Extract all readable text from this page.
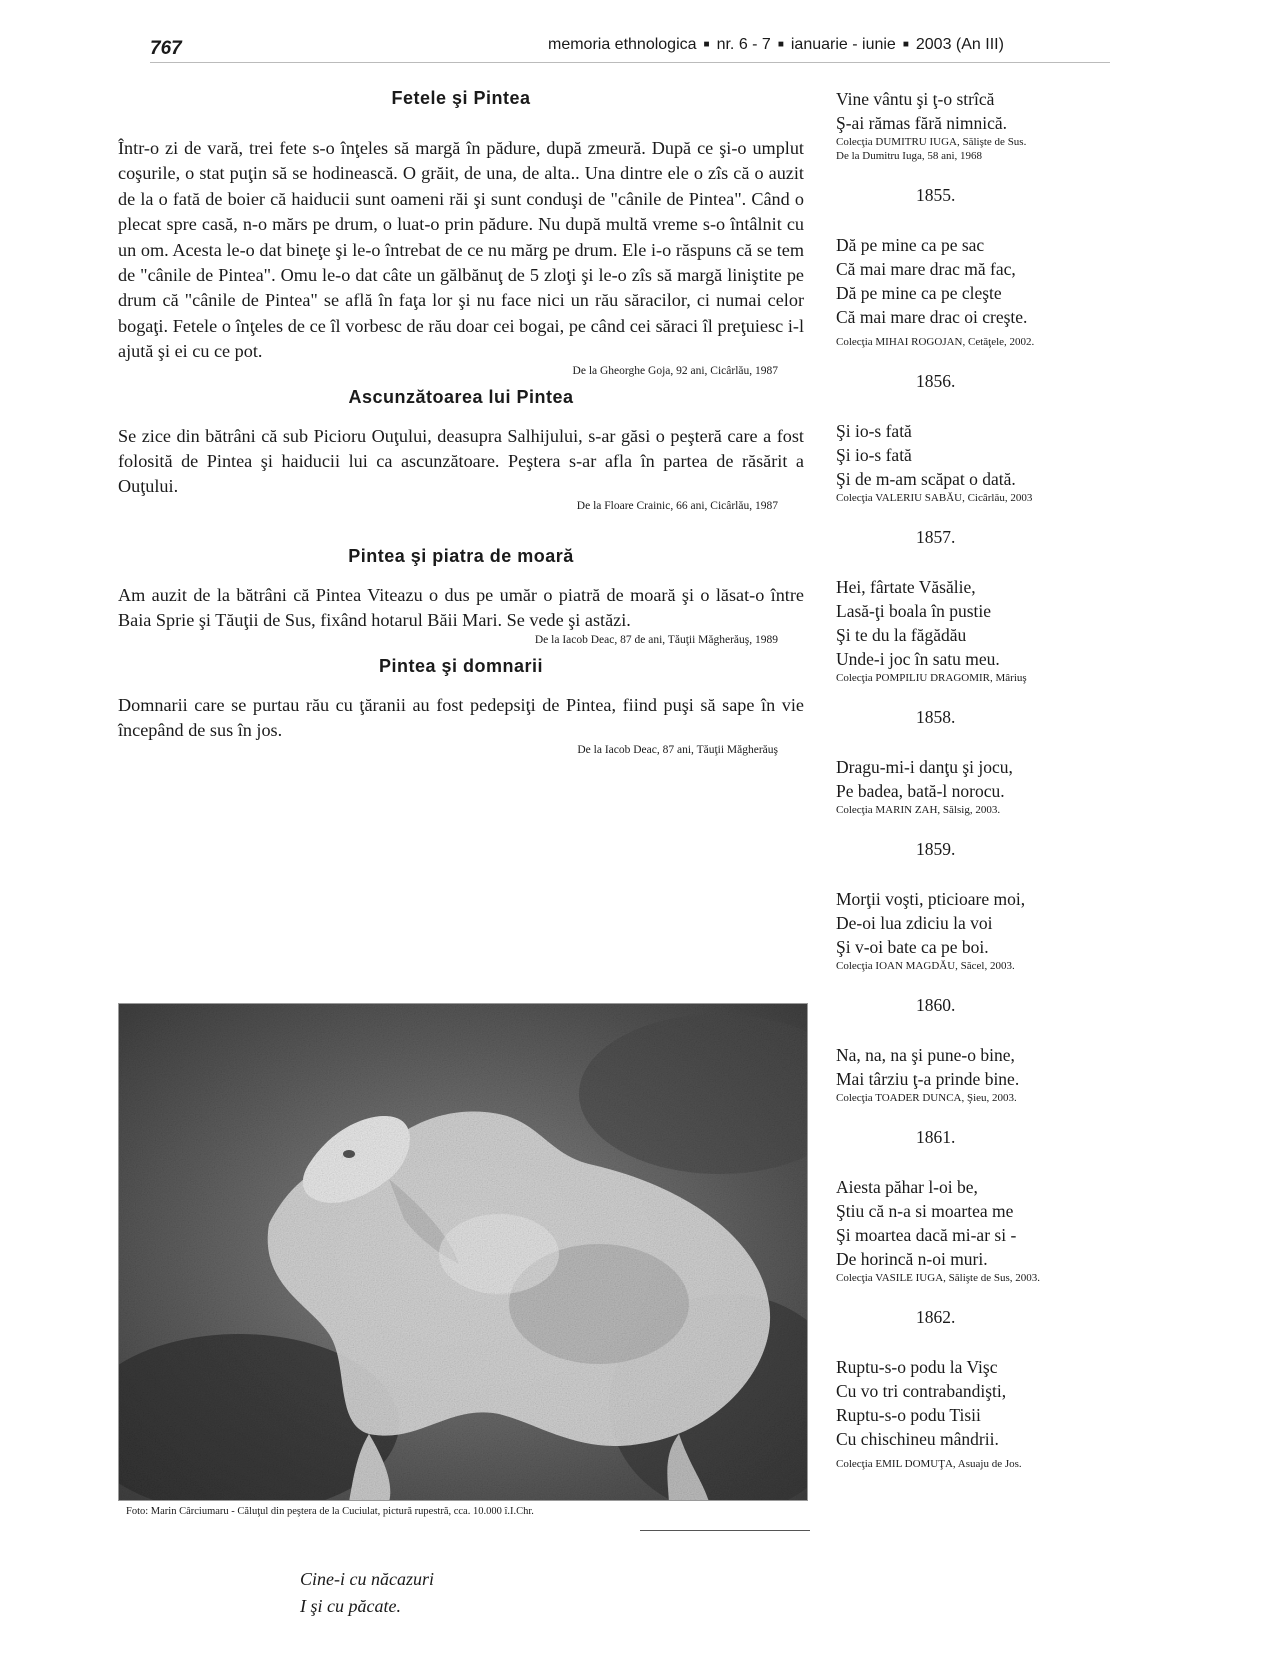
767	memoria ethnologica ■ nr. 6 - 7 ■ ianuarie - iunie ■ 2003 (An III)
Fetele şi Pintea

Într-o zi de vară, trei fete s-o înţeles să margă în pădure, după zmeură. După ce şi-o umplut coşurile, o stat puţin să se hodinească. O grăit, de una, de alta.. Una dintre ele o zîs că o auzit de la o fată de boier că haiducii sunt oameni răi şi sunt conduşi de "cânile de Pintea". Când o plecat spre casă, n-o mărs pe drum, o luat-o prin pădure. Nu după multă vreme s-o întâlnit cu un om. Acesta le-o dat bineţe şi le-o întrebat de ce nu mărg pe drum. Ele i-o răspuns că se tem de "cânile de Pintea". Omu le-o dat câte un gălbănuţ de 5 zloţi şi le-o zîs să margă liniştite pe drum că "cânile de Pintea" se află în faţa lor şi nu face nici un rău săracilor, ci numai celor bogaţi. Fetele o înţeles de ce îl vorbesc de rău doar cei bogai, pe când cei săraci îl preţuiesc i-l ajută şi ei cu ce pot.

De la Gheorghe Goja, 92 ani, Cicârlău, 1987

Ascunzătoarea lui Pintea

Se zice din bătrâni că sub Picioru Ouţului, deasupra Salhijului, s-ar găsi o peşteră care a fost folosită de Pintea şi haiducii lui ca ascunzătoare. Peştera s-ar afla în partea de răsărit a Ouţului.

De la Floare Crainic, 66 ani, Cicârlău, 1987

Pintea şi piatra de moară

Am auzit de la bătrâni că Pintea Viteazu o dus pe umăr o piatră de moară şi o lăsat-o între Baia Sprie şi Tăuţii de Sus, fixând hotarul Băii Mari. Se vede şi astăzi.

De la Iacob Deac, 87 de ani, Tăuţii Măgherăuş, 1989

Pintea şi domnarii

Domnarii care se purtau rău cu ţăranii au fost pedepsiţi de Pintea, fiind puşi să sape în vie începând de sus în jos.

De la Iacob Deac, 87 ani, Tăuţii Măgherăuş

Foto: Marin Cârciumaru - Căluţul din peştera de la Cuciulat, pictură rupestră, cca. 10.000 î.I.Chr.
Cine-i cu năcazuri
I şi cu păcate.
Vine vântu şi ţ-o strîcă
Ş-ai rămas fără nimnică.
Colecţia DUMITRU IUGA, Sălişte de Sus.
De la Dumitru Iuga, 58 ani, 1968
1855.
Dă pe mine ca pe sac
Că mai mare drac mă fac,
Dă pe mine ca pe cleşte
Că mai mare drac oi creşte.
Colecţia MIHAI ROGOJAN, Cetăţele, 2002.
1856.
Şi io-s fată
Şi io-s fată
Şi de m-am scăpat o dată.
Colecţia VALERIU SABĂU, Cicârlău, 2003
1857.
Hei, fârtate Văsălie,
Lasă-ţi boala în pustie
Şi te du la făgădău
Unde-i joc în satu meu.
Colecţia POMPILIU DRAGOMIR, Mâriuş
1858.
Dragu-mi-i danţu şi jocu,
Pe badea, bată-l norocu.
Colecţia MARIN ZAH, Sălsig, 2003.
1859.
Morţii voşti, pticioare moi,
De-oi lua zdiciu la voi
Şi v-oi bate ca pe boi.
Colecţia IOAN MAGDĂU, Săcel, 2003.
1860.
Na, na, na şi pune-o bine,
Mai târziu ţ-a prinde bine.
Colecţia TOADER DUNCA, Şieu, 2003.
1861.
Aiesta păhar l-oi be,
Ştiu că n-a si moartea me
Şi moartea dacă mi-ar si -
De horincă n-oi muri.
Colecţia VASILE IUGA, Sălişte de Sus, 2003.
1862.
Ruptu-s-o podu la Vişc
Cu vo tri contrabandişti,
Ruptu-s-o podu Tisii
Cu chischineu mândrii.
Colecţia EMIL DOMUŢA, Asuaju de Jos.
